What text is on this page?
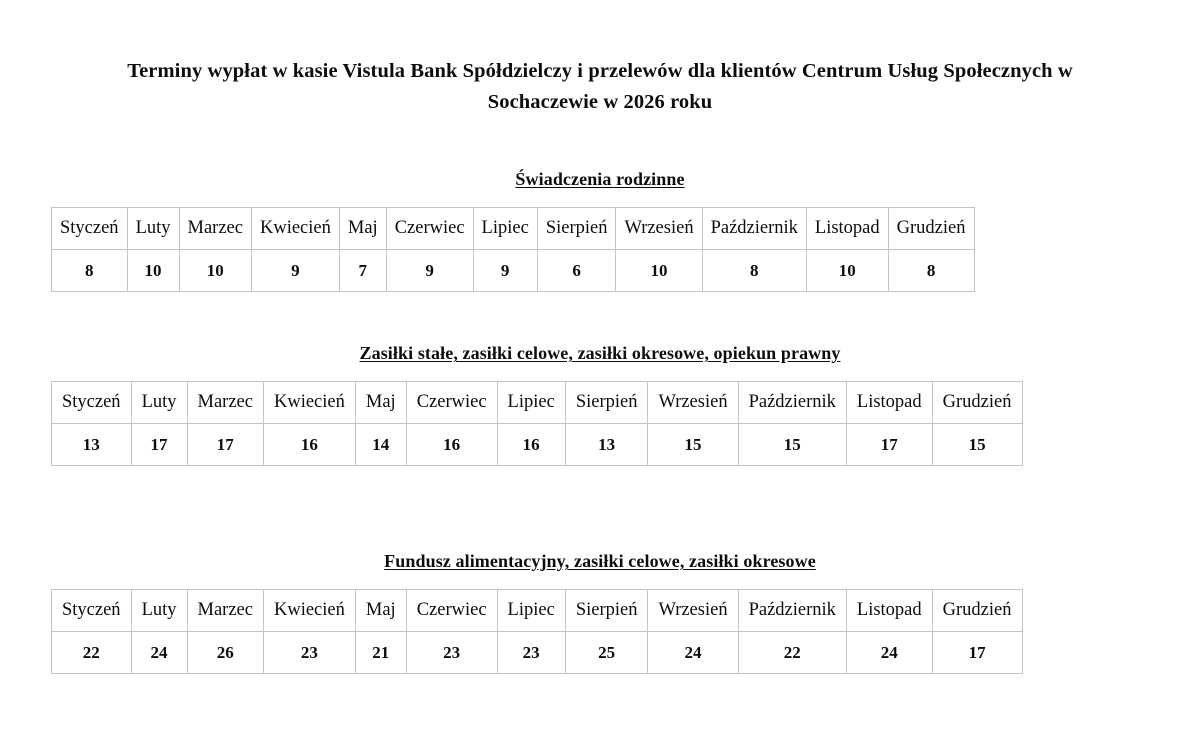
Terminy wypłat w kasie Vistula Bank Spółdzielczy i przelewów dla klientów Centrum Usług Społecznych w Sochaczewie w 2026 roku
Świadczenia rodzinne
Styczeń	Luty	Marzec	Kwiecień	Maj	Czerwiec	Lipiec	Sierpień	Wrzesień	Październik	Listopad	Grudzień
8	10	10	9	7	9	9	6	10	8	10	8
Zasiłki stałe, zasiłki celowe, zasiłki okresowe, opiekun prawny
Styczeń	Luty	Marzec	Kwiecień	Maj	Czerwiec	Lipiec	Sierpień	Wrzesień	Październik	Listopad	Grudzień
13	17	17	16	14	16	16	13	15	15	17	15
Fundusz alimentacyjny, zasiłki celowe, zasiłki okresowe
Styczeń	Luty	Marzec	Kwiecień	Maj	Czerwiec	Lipiec	Sierpień	Wrzesień	Październik	Listopad	Grudzień
22	24	26	23	21	23	23	25	24	22	24	17
